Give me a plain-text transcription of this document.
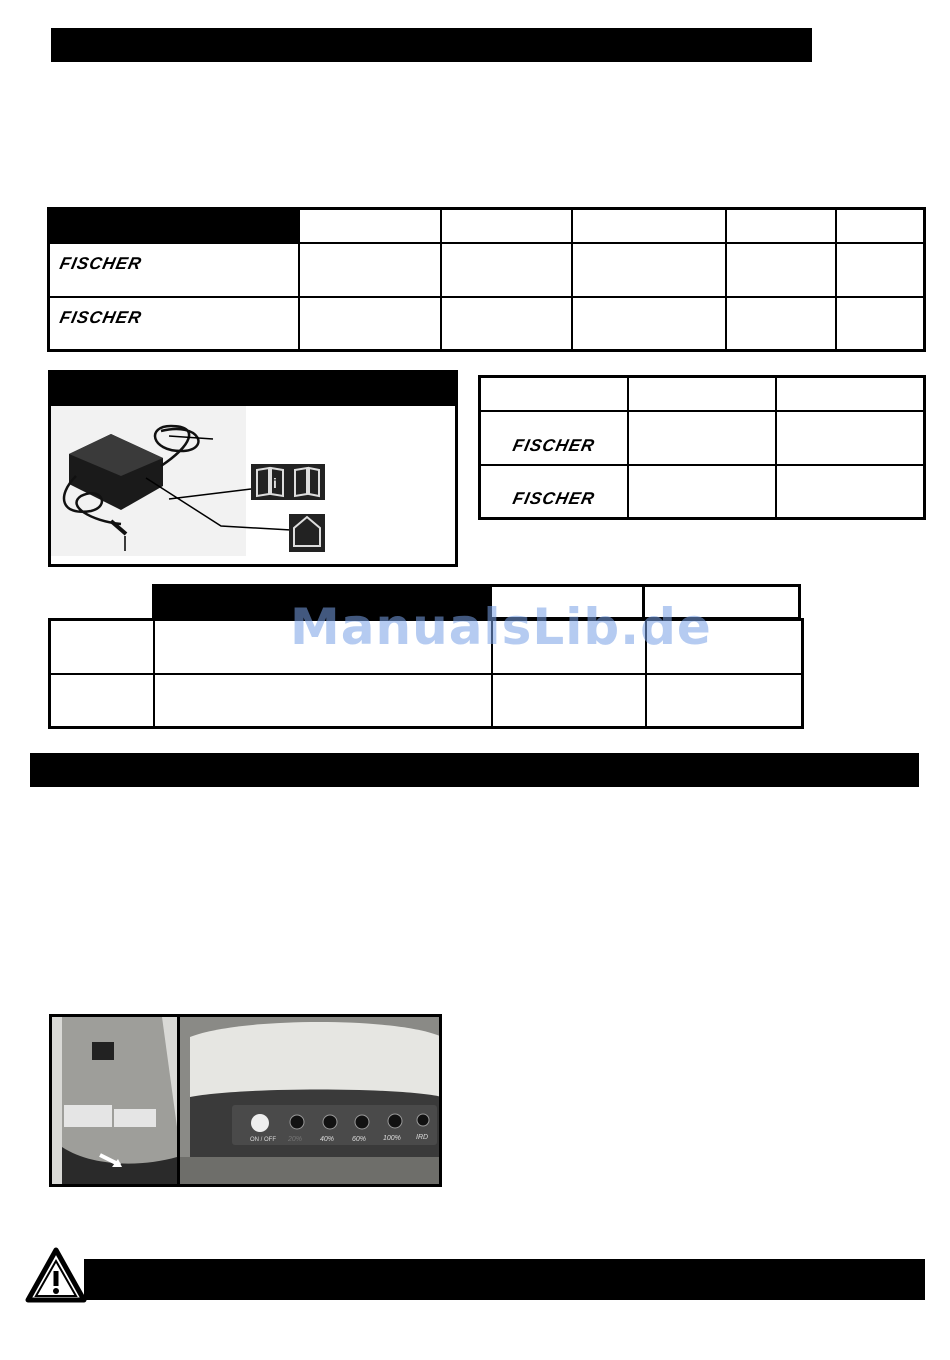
FISCHER					
FISCHER					
i

FISCHER		
FISCHER		

ManualsLib.de
ON / OFF 20%	40%	60% 100% IRD
